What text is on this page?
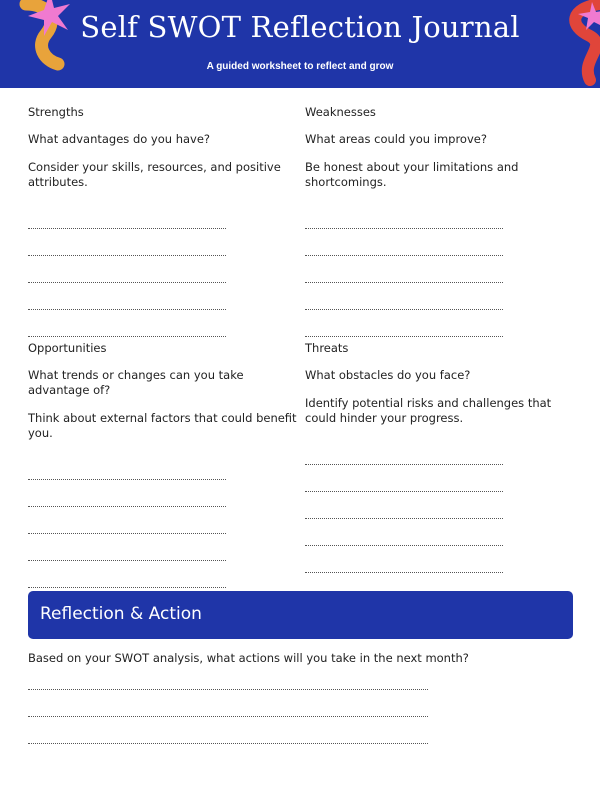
Self SWOT Reflection Journal
A guided worksheet to reflect and grow

Strengths

What advantages do you have?

Consider your skills, resources, and positive attributes.

Weaknesses

What areas could you improve?

Be honest about your limitations and shortcomings.

Opportunities

What trends or changes can you take advantage of?

Think about external factors that could benefit you.

Threats

What obstacles do you face?

Identify potential risks and challenges that could hinder your progress.

Reflection & Action
Based on your SWOT analysis, what actions will you take in the next month?
